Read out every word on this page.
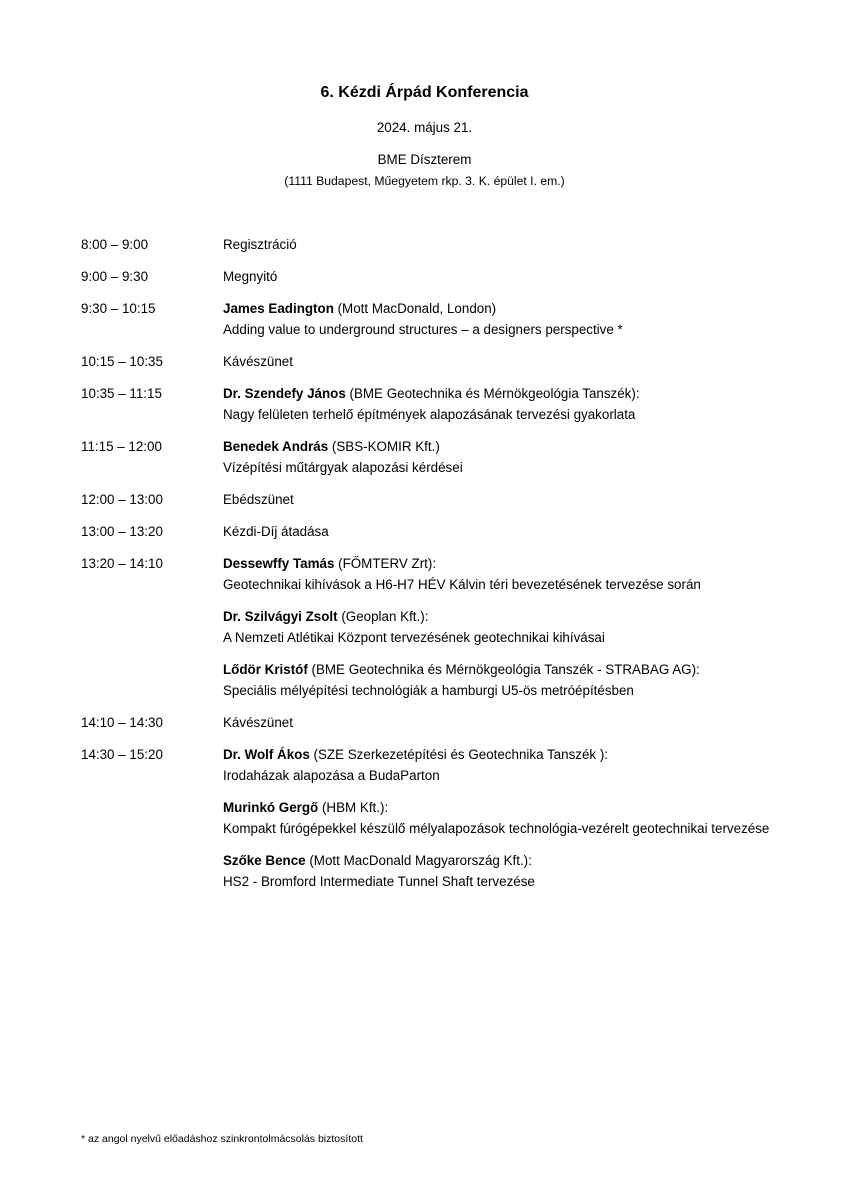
6. Kézdi Árpád Konferencia
2024. május 21.
BME Díszterem
(1111 Budapest, Műegyetem rkp. 3. K. épület I. em.)
8:00 – 9:00	Regisztráció
9:00 – 9:30	Megnyitó
9:30 – 10:15	James Eadington (Mott MacDonald, London)
Adding value to underground structures – a designers perspective *
10:15 – 10:35	Kávészünet
10:35 – 11:15	Dr. Szendefy János (BME Geotechnika és Mérnökgeológia Tanszék):
Nagy felületen terhelő építmények alapozásának tervezési gyakorlata
11:15 – 12:00	Benedek András (SBS-KOMIR Kft.)
Vízépítési műtárgyak alapozási kérdései
12:00 – 13:00	Ebédszünet
13:00 – 13:20	Kézdi-Díj átadása
13:20 – 14:10	Dessewffy Tamás (FŐMTERV Zrt):
Geotechnikai kihívások a H6-H7 HÉV Kálvin téri bevezetésének tervezése során
Dr. Szilvágyi Zsolt (Geoplan Kft.):
A Nemzeti Atlétikai Központ tervezésének geotechnikai kihívásai
Lődör Kristóf (BME Geotechnika és Mérnökgeológia Tanszék - STRABAG AG):
Speciális mélyépítési technológiák a hamburgi U5-ös metróépítésben
14:10 – 14:30	Kávészünet
14:30 – 15:20	Dr. Wolf Ákos (SZE Szerkezetépítési és Geotechnika Tanszék ):
Irodaházak alapozása a BudaParton
Murinkó Gergő (HBM Kft.):
Kompakt fúrógépekkel készülő mélyalapozások technológia-vezérelt geotechnikai tervezése
Szőke Bence (Mott MacDonald Magyarország Kft.):
HS2 - Bromford Intermediate Tunnel Shaft tervezése
* az angol nyelvű előadáshoz szinkrontolmácsolás biztosított
